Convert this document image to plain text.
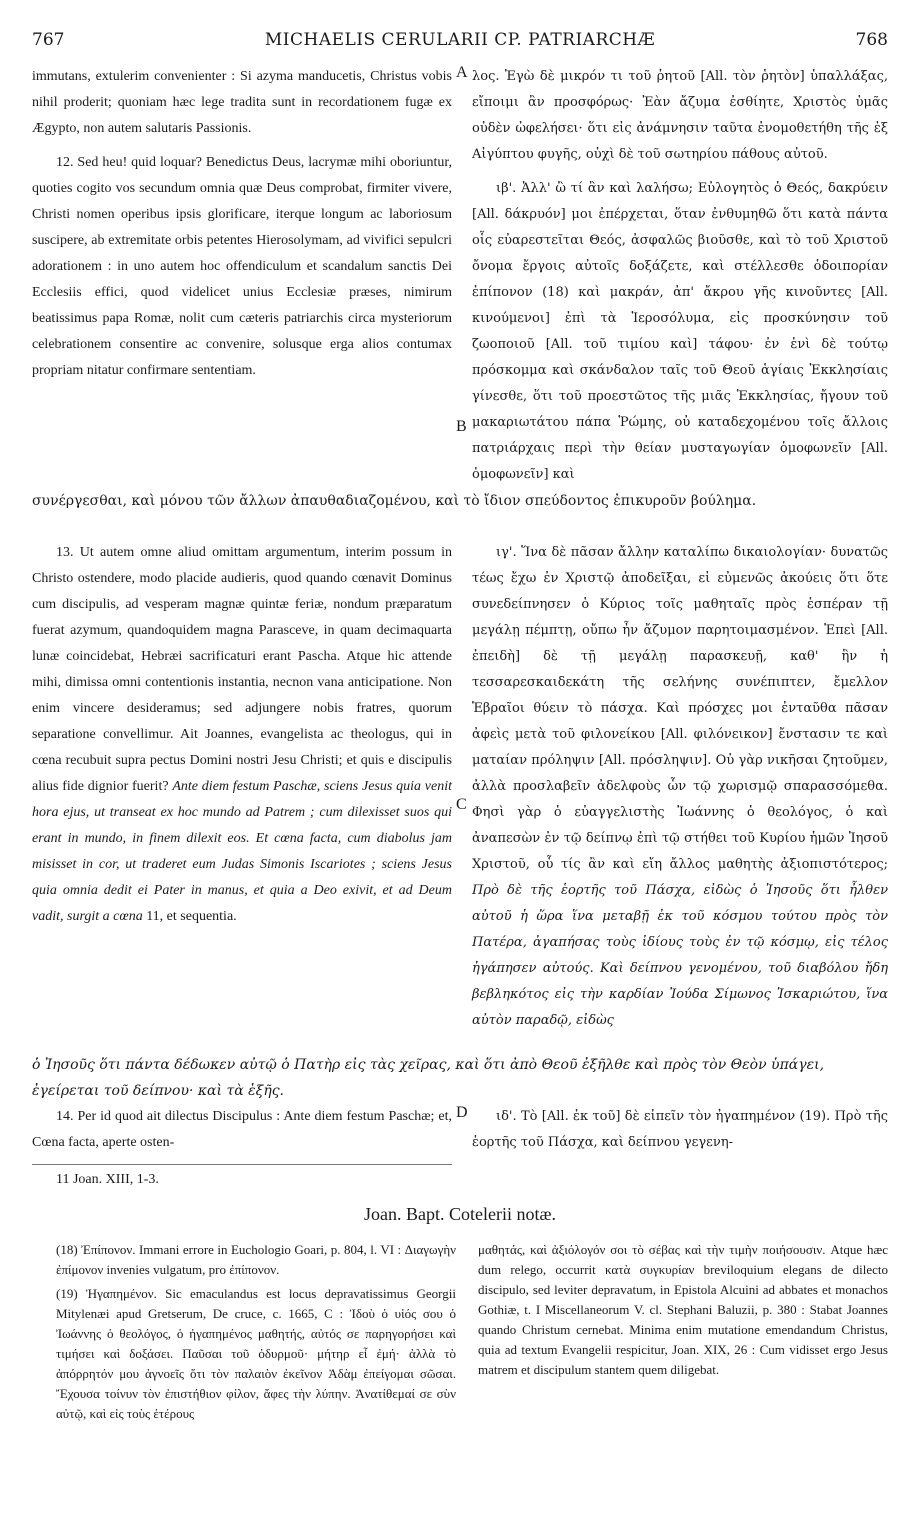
767	MICHAELIS CERULARII CP. PATRIARCHÆ	768

immutans, extulerim convenienter : Si azyma manducetis, Christus vobis nihil proderit; quoniam hæc lege tradita sunt in recordationem fugæ ex Ægypto, non autem salutaris Passionis.

12. Sed heu! quid loquar? Benedictus Deus, lacrymæ mihi oboriuntur, quoties cogito vos secundum omnia quæ Deus comprobat, firmiter vivere, Christi nomen operibus ipsis glorificare, iterque longum ac laboriosum suscipere, ab extremitate orbis petentes Hierosolymam, ad vivifici sepulcri adorationem : in uno autem hoc offendiculum et scandalum sanctis Dei Ecclesiis effici, quod videlicet unius Ecclesiæ præses, nimirum beatissimus papa Romæ, nolit cum cæteris patriarchis circa mysteriorum celebrationem consentire ac convenire, solusque erga alios contumax propriam nitatur confirmare sententiam.

A λος. Ἐγὼ δὲ μικρόν τι τοῦ ῥητοῦ [All. τὸν ῥητὸν] ὑπαλλάξας, εἴποιμι ἂν προσφόρως· Ἐὰν ἄζυμα ἐσθίητε, Χριστὸς ὑμᾶς οὐδὲν ὠφελήσει· ὅτι εἰς ἀνάμνησιν ταῦτα ἐνομοθετήθη τῆς ἐξ Αἰγύπτου φυγῆς, οὐχὶ δὲ τοῦ σωτηρίου πάθους αὐτοῦ.

ιβ'. Ἀλλ' ὢ τί ἂν καὶ λαλήσω; Εὐλογητὸς ὁ Θεός, δακρύειν [All. δάκρυόν] μοι ἐπέρχεται, ὅταν ἐνθυμηθῶ ὅτι κατὰ πάντα οἷς εὐαρεστεῖται Θεός, ἀσφαλῶς βιοῦσθε, καὶ τὸ τοῦ Χριστοῦ ὄνομα ἔργοις αὐτοῖς δοξάζετε, καὶ στέλλεσθε ὁδοιπορίαν ἐπίπονον (18) καὶ μακράν, ἀπ' ἄκρου γῆς κινοῦντες [All. κινούμενοι] ἐπὶ τὰ Ἱεροσόλυμα, εἰς προσκύνησιν τοῦ ζωοποιοῦ [All. τοῦ τιμίου καὶ] τάφου· ἐν ἑνὶ δὲ τούτῳ πρόσκομμα καὶ σκάνδαλον ταῖς τοῦ Θεοῦ ἁγίαις Ἐκκλησίαις γίνεσθε, ὅτι τοῦ προεστῶτος τῆς μιᾶς Ἐκκλησίας, ἤγουν τοῦ μακαριωτάτου πάπα Ῥώμης, οὐ καταδεχομένου τοῖς ἄλλοις πατριάρχαις περὶ τὴν θείαν μυσταγωγίαν ὁμοφωνεῖν [All. ὁμοφωνεῖν] καὶ

B
συνέργεσθαι, καὶ μόνου τῶν ἄλλων ἀπαυθαδιαζομένου, καὶ τὸ ἴδιον σπεύδοντος ἐπικυροῦν βούλημα.

13. Ut autem omne aliud omittam argumentum, interim possum in Christo ostendere, modo placide audieris, quod quando cœnavit Dominus cum discipulis, ad vesperam magnæ quintæ feriæ, nondum præparatum fuerat azymum, quandoquidem magna Parasceve, in quam decimaquarta lunæ coincidebat, Hebræi sacrificaturi erant Pascha. Atque hic attende mihi, dimissa omni contentionis instantia, necnon vana anticipatione. Non enim vincere desideramus; sed adjungere nobis fratres, quorum separatione convellimur. Ait Joannes, evangelista ac theologus, qui in cœna recubuit supra pectus Domini nostri Jesu Christi; et quis e discipulis alius fide dignior fuerit? Ante diem festum Paschæ, sciens Jesus quia venit hora ejus, ut transeat ex hoc mundo ad Patrem ; cum dilexisset suos qui erant in mundo, in finem dilexit eos. Et cœna facta, cum diabolus jam misisset in cor, ut traderet eum Judas Simonis Iscariotes ; sciens Jesus quia omnia dedit ei Pater in manus, et quia a Deo exivit, et ad Deum vadit, surgit a cœna 11, et sequentia.

C

ιγ'. Ἵνα δὲ πᾶσαν ἄλλην καταλίπω δικαιολογίαν· δυνατῶς τέως ἔχω ἐν Χριστῷ ἀποδεῖξαι, εἰ εὐμενῶς ἀκούεις ὅτι ὅτε συνεδείπνησεν ὁ Κύριος τοῖς μαθηταῖς πρὸς ἑσπέραν τῇ μεγάλῃ πέμπτῃ, οὔπω ἦν ἄζυμον παρητοιμασμένον. Ἐπεὶ [All. ἐπειδὴ] δὲ τῇ μεγάλῃ παρασκευῇ, καθ' ἣν ἡ τεσσαρεσκαιδεκάτη τῆς σελήνης συνέπιπτεν, ἔμελλον Ἑβραῖοι θύειν τὸ πάσχα. Καὶ πρόσχες μοι ἐνταῦθα πᾶσαν ἀφεὶς μετὰ τοῦ φιλονείκου [All. φιλόνεικον] ἔνστασιν τε καὶ ματαίαν πρόληψιν [All. πρόσληψιν]. Οὐ γὰρ νικῆσαι ζητοῦμεν, ἀλλὰ προσλαβεῖν ἀδελφοὺς ὧν τῷ χωρισμῷ σπαρασσόμεθα. Φησὶ γὰρ ὁ εὐαγγελιστὴς Ἰωάννης ὁ θεολόγος, ὁ καὶ ἀναπεσὼν ἐν τῷ δείπνῳ ἐπὶ τῷ στήθει τοῦ Κυρίου ἡμῶν Ἰησοῦ Χριστοῦ, οὗ τίς ἂν καὶ εἴη ἄλλος μαθητὴς ἀξιοπιστότερος; Πρὸ δὲ τῆς ἑορτῆς τοῦ Πάσχα, εἰδὼς ὁ Ἰησοῦς ὅτι ἦλθεν αὐτοῦ ἡ ὥρα ἵνα μεταβῇ ἐκ τοῦ κόσμου τούτου πρὸς τὸν Πατέρα, ἀγαπήσας τοὺς ἰδίους τοὺς ἐν τῷ κόσμῳ, εἰς τέλος ἠγάπησεν αὐτούς. Καὶ δείπνου γενομένου, τοῦ διαβόλου ἤδη βεβληκότος εἰς τὴν καρδίαν Ἰούδα Σίμωνος Ἰσκαριώτου, ἵνα αὐτὸν παραδῷ, εἰδὼς

ὁ Ἰησοῦς ὅτι πάντα δέδωκεν αὐτῷ ὁ Πατὴρ εἰς τὰς χεῖρας, καὶ ὅτι ἀπὸ Θεοῦ ἐξῆλθε καὶ πρὸς τὸν Θεὸν ὑπάγει, ἐγείρεται τοῦ δείπνου· καὶ τὰ ἑξῆς.

14. Per id quod ait dilectus Discipulus : Ante diem festum Paschæ; et, Cœna facta, aperte osten-

D	ιδ'. Τὸ [All. ἐκ τοῦ] δὲ εἰπεῖν τὸν ἠγαπημένον (19). Πρὸ τῆς ἑορτῆς τοῦ Πάσχα, καὶ δείπνου γεγενη-

11 Joan. XIII, 1-3.
Joan. Bapt. Cotelerii notæ.

(18) Ἐπίπονον. Immani errore in Euchologio Goari, p. 804, l. VI : Διαγωγὴν ἐπίμονον invenies vulgatum, pro ἐπίπονον.

(19) Ἠγαπημένον. Sic emaculandus est locus depravatissimus Georgii Mitylenæi apud Gretserum, De cruce, c. 1665, C : Ἰδοὺ ὁ υἱός σου ὁ Ἰωάννης ὁ θεολόγος, ὁ ἠγαπημένος μαθητής, αὐτός σε παρηγορήσει καὶ τιμήσει καὶ δοξάσει. Παῦσαι τοῦ ὀδυρμοῦ· μήτηρ εἶ ἐμή· ἀλλὰ τὸ ἀπόρρητόν μου ἀγνοεῖς ὅτι τὸν παλαιὸν ἐκεῖνον Ἀδὰμ ἐπείγομαι σῶσαι. Ἔχουσα τοίνυν τὸν ἐπιστήθιον φίλον, ἄφες τὴν λύπην. Ἀνατίθεμαί σε σὺν αὐτῷ, καὶ εἰς τοὺς ἑτέρους

μαθητάς, καὶ ἀξιόλογόν σοι τὸ σέβας καὶ τὴν τιμὴν ποιήσουσιν. Atque hæc dum relego, occurrit κατὰ συγκυρίαν breviloquium elegans de dilecto discipulo, sed leviter depravatum, in Epistola Alcuini ad abbates et monachos Gothiæ, t. I Miscellaneorum V. cl. Stephani Baluzii, p. 380 : Stabat Joannes quando Christum cernebat. Minima enim mutatione emendandum Christus, quia ad textum Evangelii respicitur, Joan. XIX, 26 : Cum vidisset ergo Jesus matrem et discipulum stantem quem diligebat.
